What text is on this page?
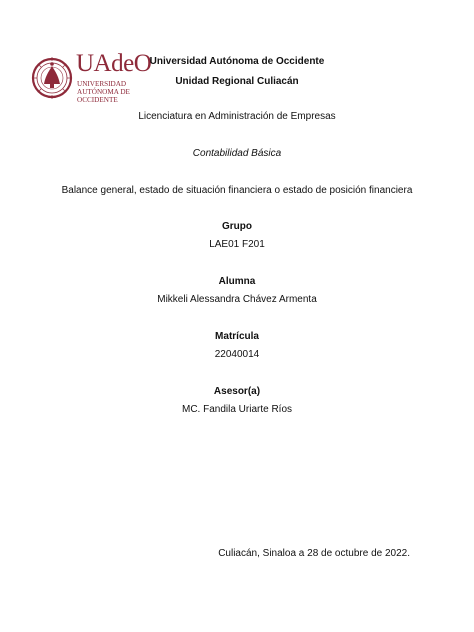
UAdeO
UNIVERSIDAD
AUTÓNOMA DE
OCCIDENTE
Universidad Autónoma de Occidente
Unidad Regional Culiacán
Licenciatura en Administración de Empresas
Contabilidad Básica
Balance general, estado de situación financiera o estado de posición financiera
Grupo
LAE01 F201
Alumna
Mikkeli Alessandra Chávez Armenta
Matrícula
22040014
Asesor(a)
MC. Fandila Uriarte Ríos
Culiacán, Sinaloa a 28 de octubre de 2022.
